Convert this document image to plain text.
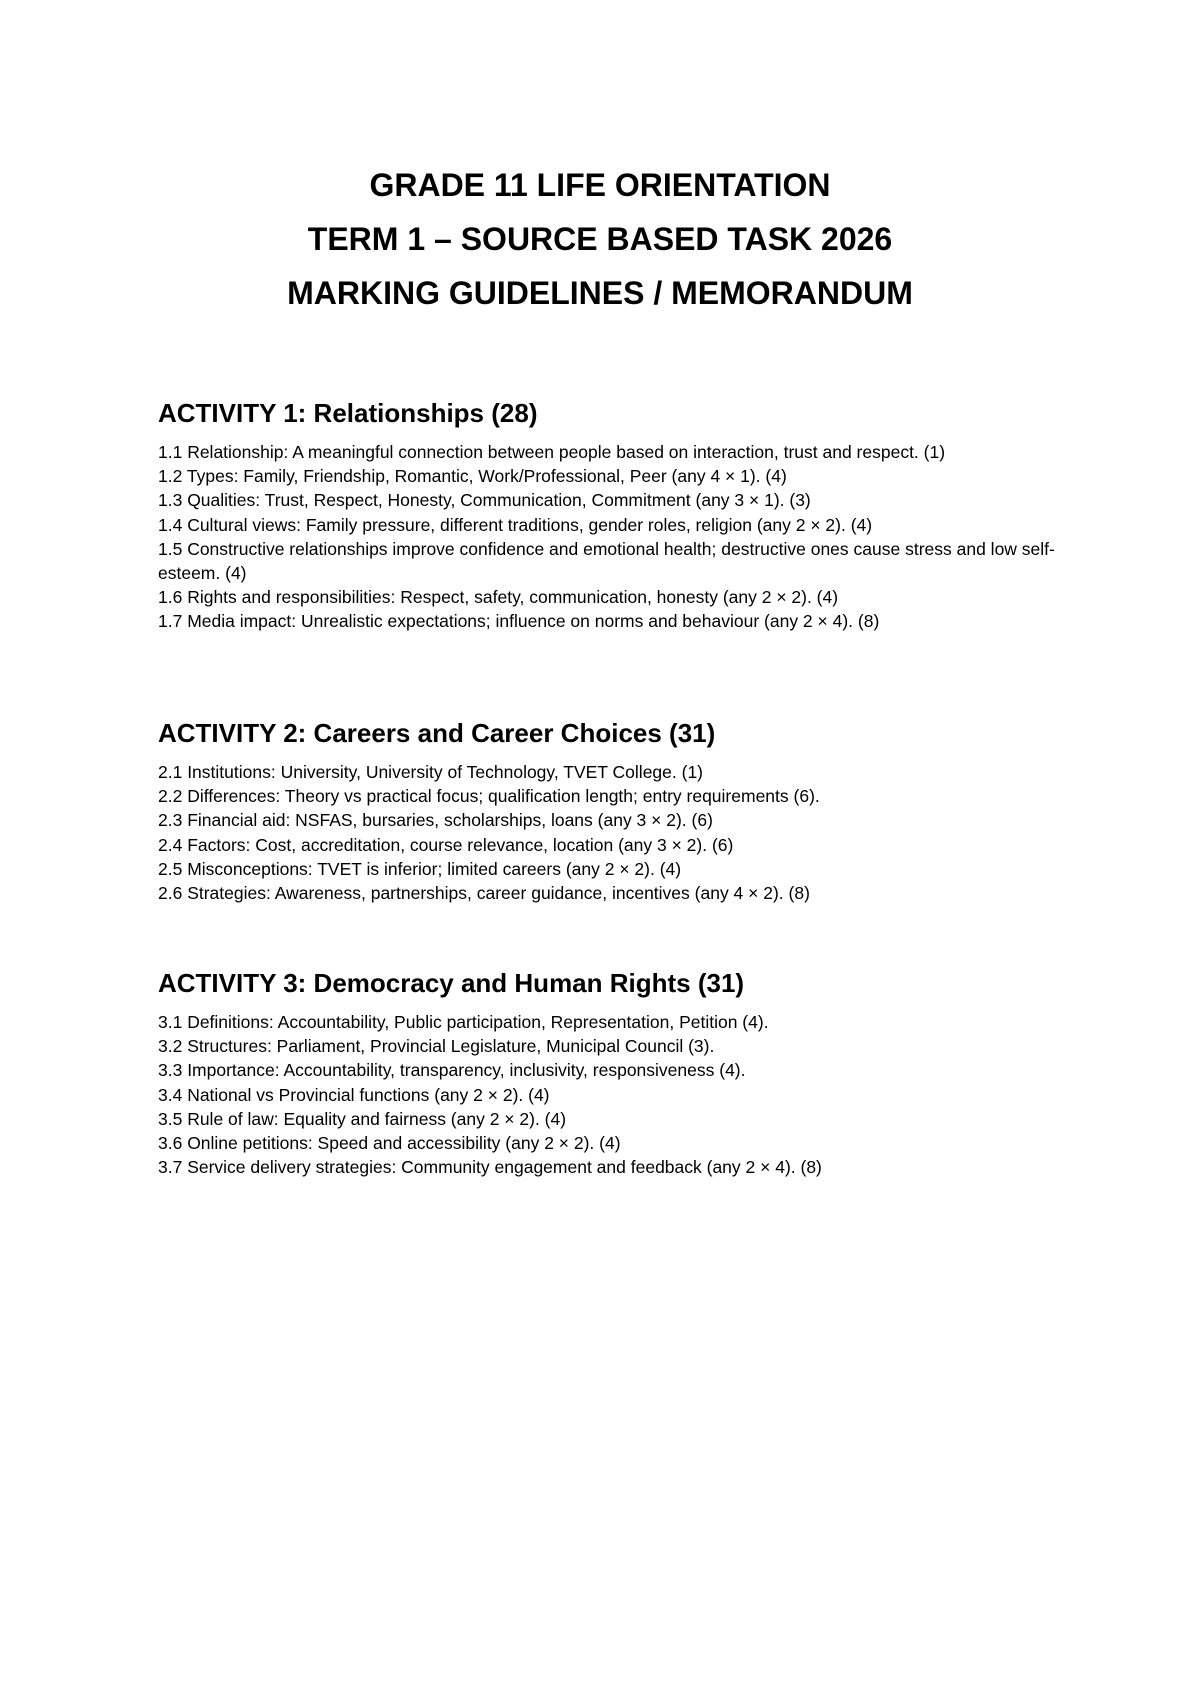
GRADE 11 LIFE ORIENTATION

TERM 1 – SOURCE BASED TASK 2026

MARKING GUIDELINES / MEMORANDUM

ACTIVITY 1: Relationships (28)

1.1 Relationship: A meaningful connection between people based on interaction, trust and respect. (1)

1.2 Types: Family, Friendship, Romantic, Work/Professional, Peer (any 4 × 1). (4)

1.3 Qualities: Trust, Respect, Honesty, Communication, Commitment (any 3 × 1). (3)

1.4 Cultural views: Family pressure, different traditions, gender roles, religion (any 2 × 2). (4)

1.5 Constructive relationships improve confidence and emotional health; destructive ones cause stress and low self-esteem. (4)

1.6 Rights and responsibilities: Respect, safety, communication, honesty (any 2 × 2). (4)

1.7 Media impact: Unrealistic expectations; influence on norms and behaviour (any 2 × 4). (8)

ACTIVITY 2: Careers and Career Choices (31)

2.1 Institutions: University, University of Technology, TVET College. (1)

2.2 Differences: Theory vs practical focus; qualification length; entry requirements (6).

2.3 Financial aid: NSFAS, bursaries, scholarships, loans (any 3 × 2). (6)

2.4 Factors: Cost, accreditation, course relevance, location (any 3 × 2). (6)

2.5 Misconceptions: TVET is inferior; limited careers (any 2 × 2). (4)

2.6 Strategies: Awareness, partnerships, career guidance, incentives (any 4 × 2). (8)

ACTIVITY 3: Democracy and Human Rights (31)

3.1 Definitions: Accountability, Public participation, Representation, Petition (4).

3.2 Structures: Parliament, Provincial Legislature, Municipal Council (3).

3.3 Importance: Accountability, transparency, inclusivity, responsiveness (4).

3.4 National vs Provincial functions (any 2 × 2). (4)

3.5 Rule of law: Equality and fairness (any 2 × 2). (4)

3.6 Online petitions: Speed and accessibility (any 2 × 2). (4)

3.7 Service delivery strategies: Community engagement and feedback (any 2 × 4). (8)
